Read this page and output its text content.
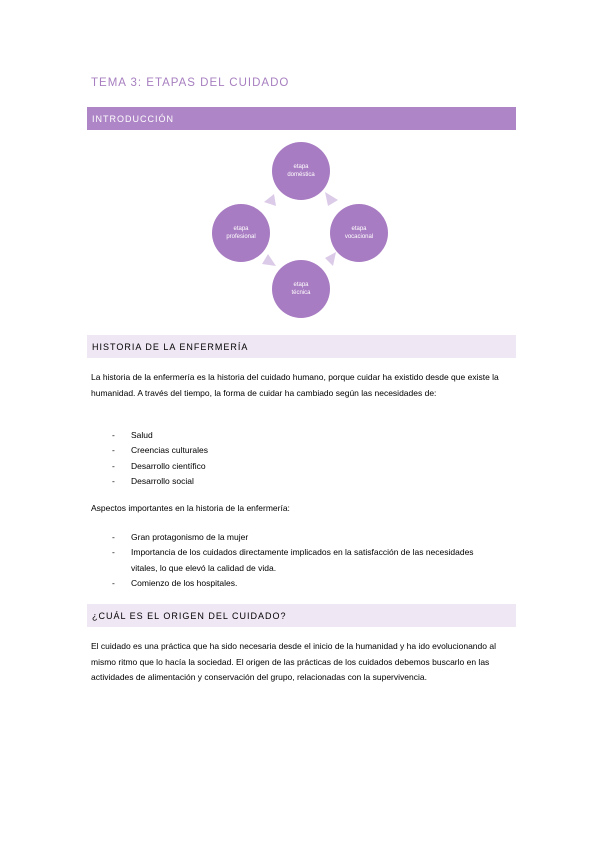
TEMA 3: ETAPAS DEL CUIDADO
INTRODUCCIÓN
etapa
doméstica
etapa
vocacional
etapa
técnica
etapa
profesional
HISTORIA DE LA ENFERMERÍA
La historia de la enfermería es la historia del cuidado humano, porque cuidar ha existido desde que existe la humanidad. A través del tiempo, la forma de cuidar ha cambiado según las necesidades de:
- Salud
- Creencias culturales
- Desarrollo científico
- Desarrollo social
Aspectos importantes en la historia de la enfermería:
- Gran protagonismo de la mujer
- Importancia de los cuidados directamente implicados en la satisfacción de las necesidades vitales, lo que elevó la calidad de vida.
- Comienzo de los hospitales.
¿CUÁL ES EL ORIGEN DEL CUIDADO?
El cuidado es una práctica que ha sido necesaria desde el inicio de la humanidad y ha ido evolucionando al mismo ritmo que lo hacía la sociedad. El origen de las prácticas de los cuidados debemos buscarlo en las actividades de alimentación y conservación del grupo, relacionadas con la supervivencia.
